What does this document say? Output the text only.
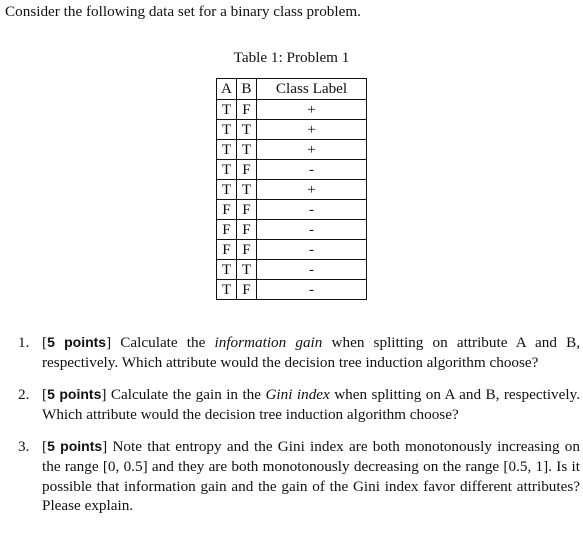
Consider the following data set for a binary class problem.
Table 1: Problem 1
A	B	Class Label
T	F	+
T	T	+
T	T	+
T	F	-
T	T	+
F	F	-
F	F	-
F	F	-
T	T	-
T	F	-
1. [5 points] Calculate the information gain when splitting on attribute A and B, respectively. Which attribute would the decision tree induction algorithm choose?
2. [5 points] Calculate the gain in the Gini index when splitting on A and B, respectively. Which attribute would the decision tree induction algorithm choose?
3. [5 points] Note that entropy and the Gini index are both monotonously increasing on the range [0, 0.5] and they are both monotonously decreasing on the range [0.5, 1]. Is it possible that information gain and the gain of the Gini index favor different attributes? Please explain.
